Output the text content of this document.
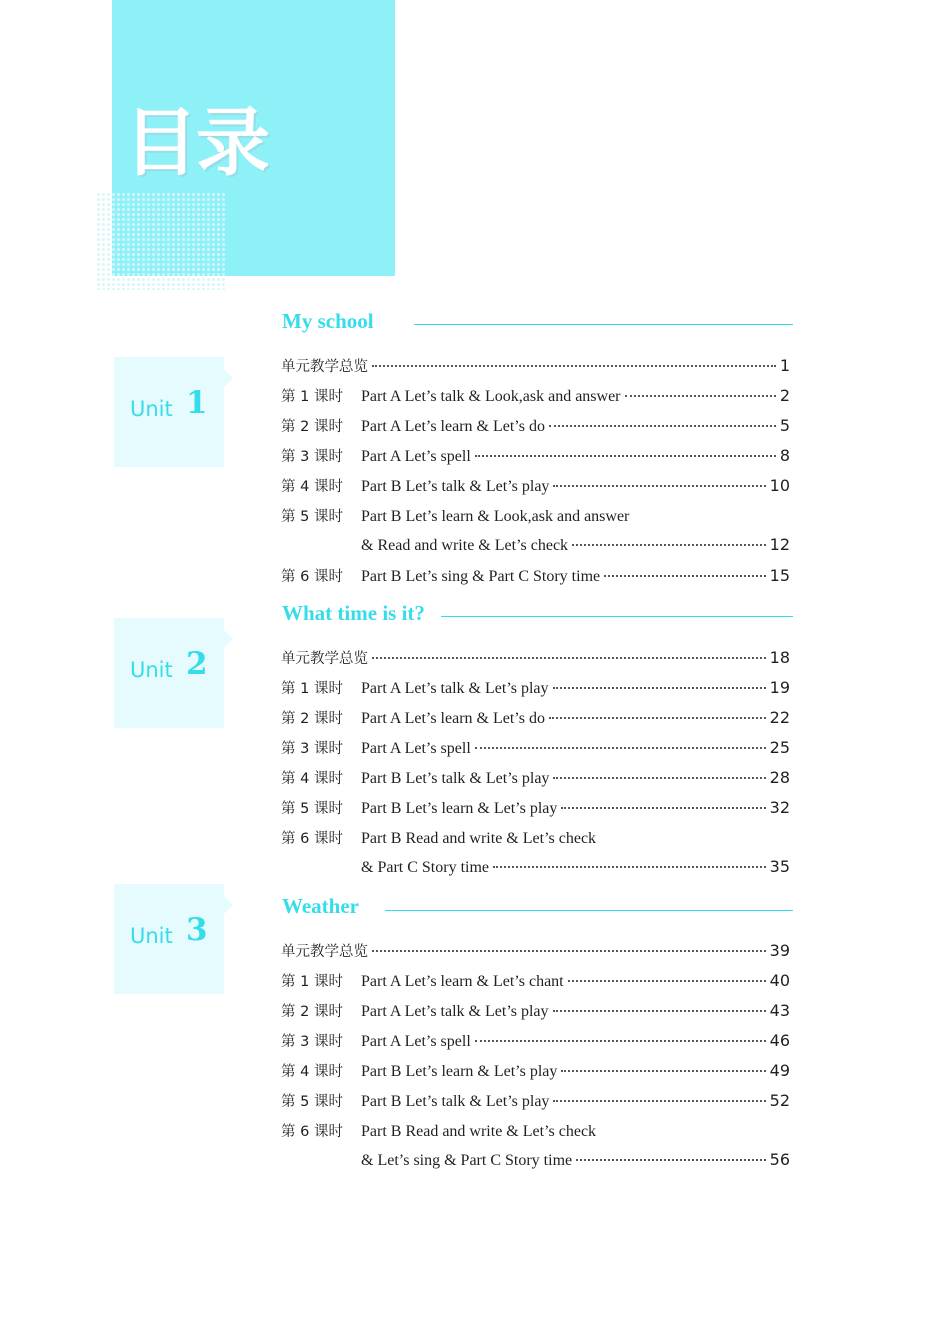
目录
Unit 1
My school
单元教学总览	1
第 1 课时	Part A Let’s talk & Look,ask and answer	2
第 2 课时	Part A Let’s learn & Let’s do	5
第 3 课时	Part A Let’s spell	8
第 4 课时	Part B Let’s talk & Let’s play	10
第 5 课时	Part B Let’s learn & Look,ask and answer
& Read and write & Let’s check	12
第 6 课时	Part B Let’s sing & Part C Story time	15
Unit 2
What time is it?
单元教学总览	18
第 1 课时	Part A Let’s talk & Let’s play	19
第 2 课时	Part A Let’s learn & Let’s do	22
第 3 课时	Part A Let’s spell	25
第 4 课时	Part B Let’s talk & Let’s play	28
第 5 课时	Part B Let’s learn & Let’s play	32
第 6 课时	Part B Read and write & Let’s check
& Part C Story time	35
Unit 3
Weather
单元教学总览	39
第 1 课时	Part A Let’s learn & Let’s chant	40
第 2 课时	Part A Let’s talk & Let’s play	43
第 3 课时	Part A Let’s spell	46
第 4 课时	Part B Let’s learn & Let’s play	49
第 5 课时	Part B Let’s talk & Let’s play	52
第 6 课时	Part B Read and write & Let’s check
& Let’s sing & Part C Story time	56
